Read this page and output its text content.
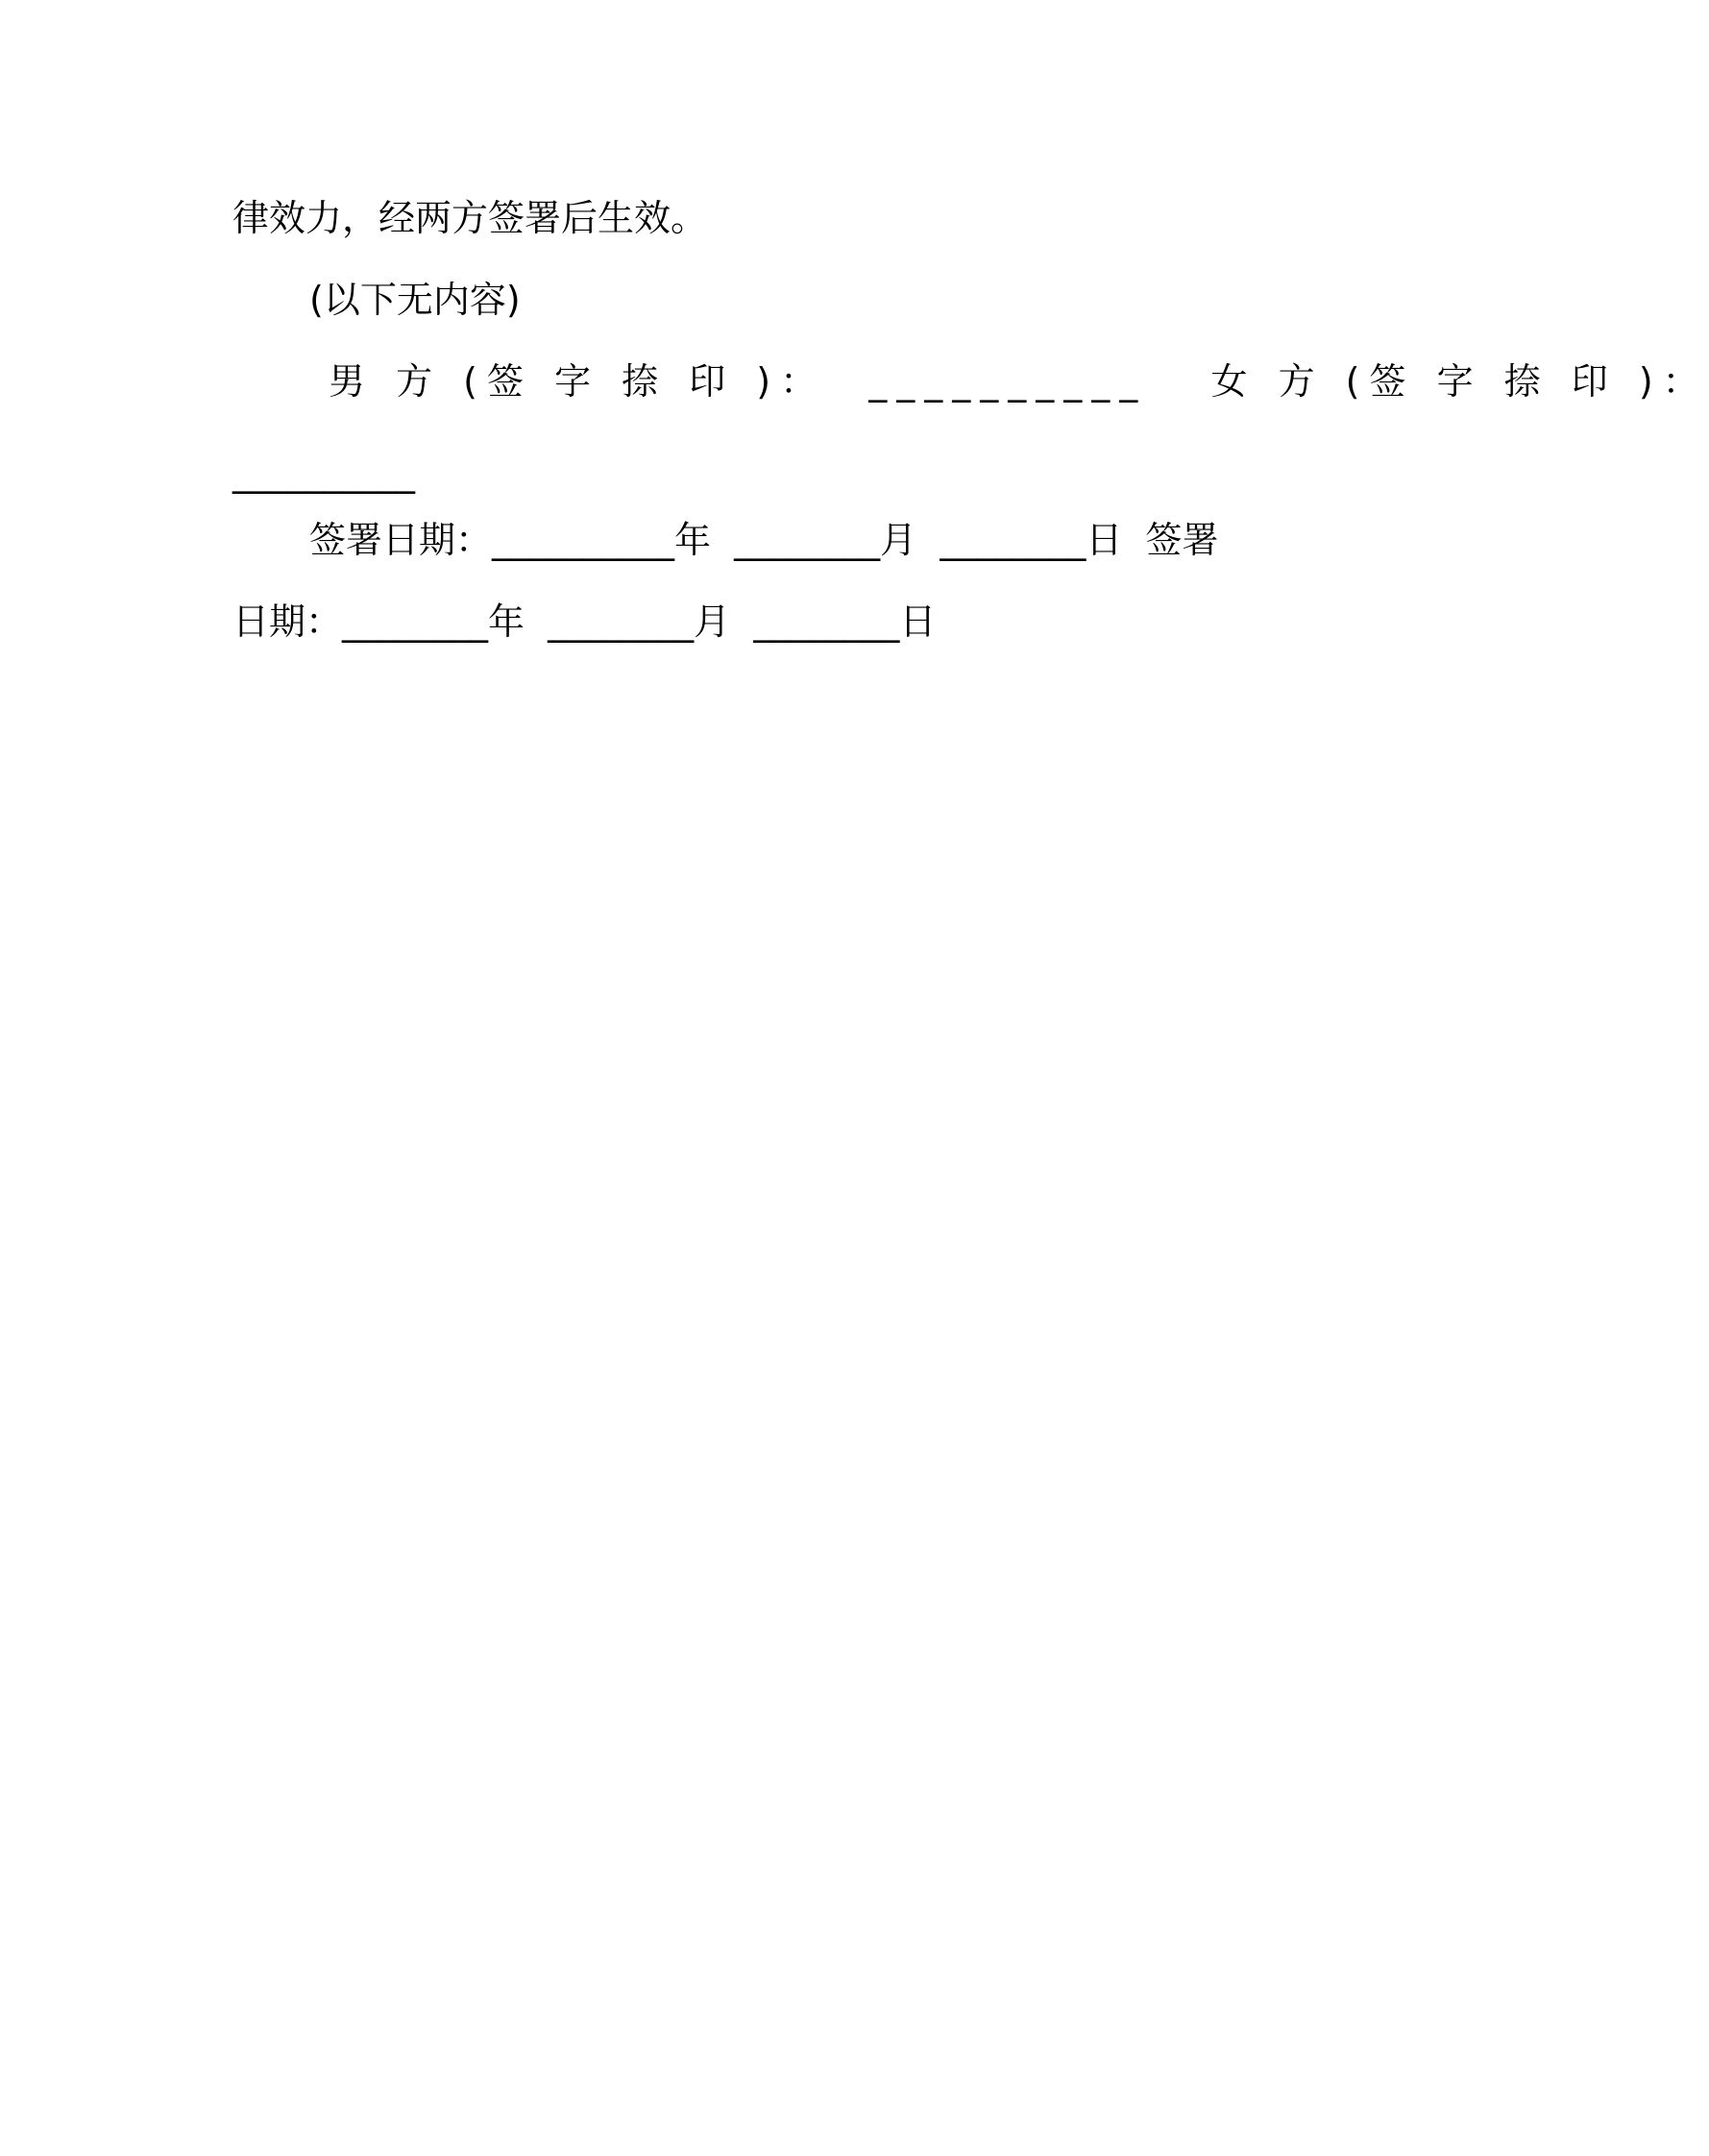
律效力，经两方签署后生效。
(以下无内容)
男 方 (签 字 捺 印 )：  __________   女 方 (签 字 捺 印 )：
__________
签署日期：__________年  ________月  ________日  签署
日期：________年  ________月  ________日
